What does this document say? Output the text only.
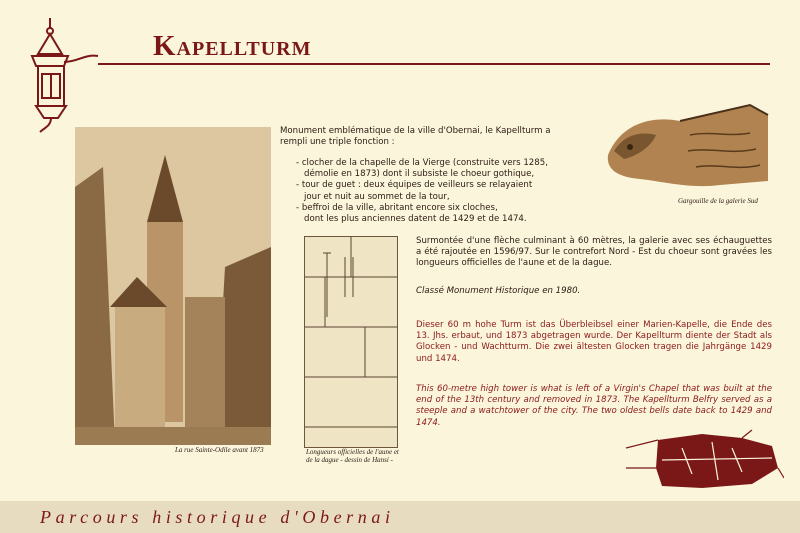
Kapellturm
La rue Sainte-Odile avant 1873
Monument emblématique de la ville d'Obernai, le Kapellturm a rempli une triple fonction :
- clocher de la chapelle de la Vierge (construite vers 1285,
démolie en 1873) dont il subsiste le choeur gothique,
- tour de guet : deux équipes de veilleurs se relayaient
jour et nuit au sommet de la tour,
- beffroi de la ville, abritant encore six cloches,
dont les plus anciennes datent de 1429 et de 1474.
Longueurs officielles de l'aune et de la dague - dessin de Hansi -
Surmontée d'une flèche culminant à 60 mètres, la galerie avec ses échauguettes a été rajoutée en 1596/97. Sur le contrefort Nord - Est du choeur sont gravées les longueurs officielles de l'aune et de la dague.
Classé Monument Historique en 1980.
Dieser 60 m hohe Turm ist das Überbleibsel einer Marien-Kapelle, die Ende des 13. Jhs. erbaut, und 1873 abgetragen wurde. Der Kapellturm diente der Stadt als Glocken - und Wachtturm. Die zwei ältesten Glocken tragen die Jahrgänge 1429 und 1474.
This 60-metre high tower is what is left of a Virgin's Chapel that was built at the end of the 13th century and removed in 1873. The Kapellturm Belfry served as a steeple and a watchtower of the city. The two oldest bells date back to 1429 and 1474.
Gargouille de la galerie Sud
Parcours historique d'Obernai
